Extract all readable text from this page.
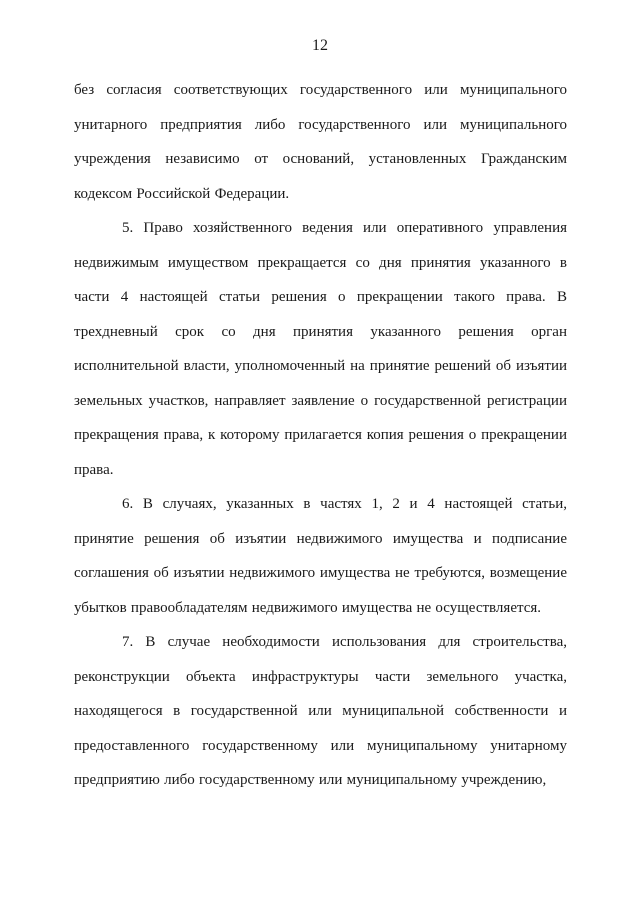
12

без согласия соответствующих государственного или муниципального унитарного предприятия либо государственного или муниципального учреждения независимо от оснований, установленных Гражданским кодексом Российской Федерации.

5. Право хозяйственного ведения или оперативного управления недвижимым имуществом прекращается со дня принятия указанного в части 4 настоящей статьи решения о прекращении такого права. В трехдневный срок со дня принятия указанного решения орган исполнительной власти, уполномоченный на принятие решений об изъятии земельных участков, направляет заявление о государственной регистрации прекращения права, к которому прилагается копия решения о прекращении права.

6. В случаях, указанных в частях 1, 2 и 4 настоящей статьи, принятие решения об изъятии недвижимого имущества и подписание соглашения об изъятии недвижимого имущества не требуются, возмещение убытков правообладателям недвижимого имущества не осуществляется.

7. В случае необходимости использования для строительства, реконструкции объекта инфраструктуры части земельного участка, находящегося в государственной или муниципальной собственности и предоставленного государственному или муниципальному унитарному предприятию либо государственному или муниципальному учреждению,
